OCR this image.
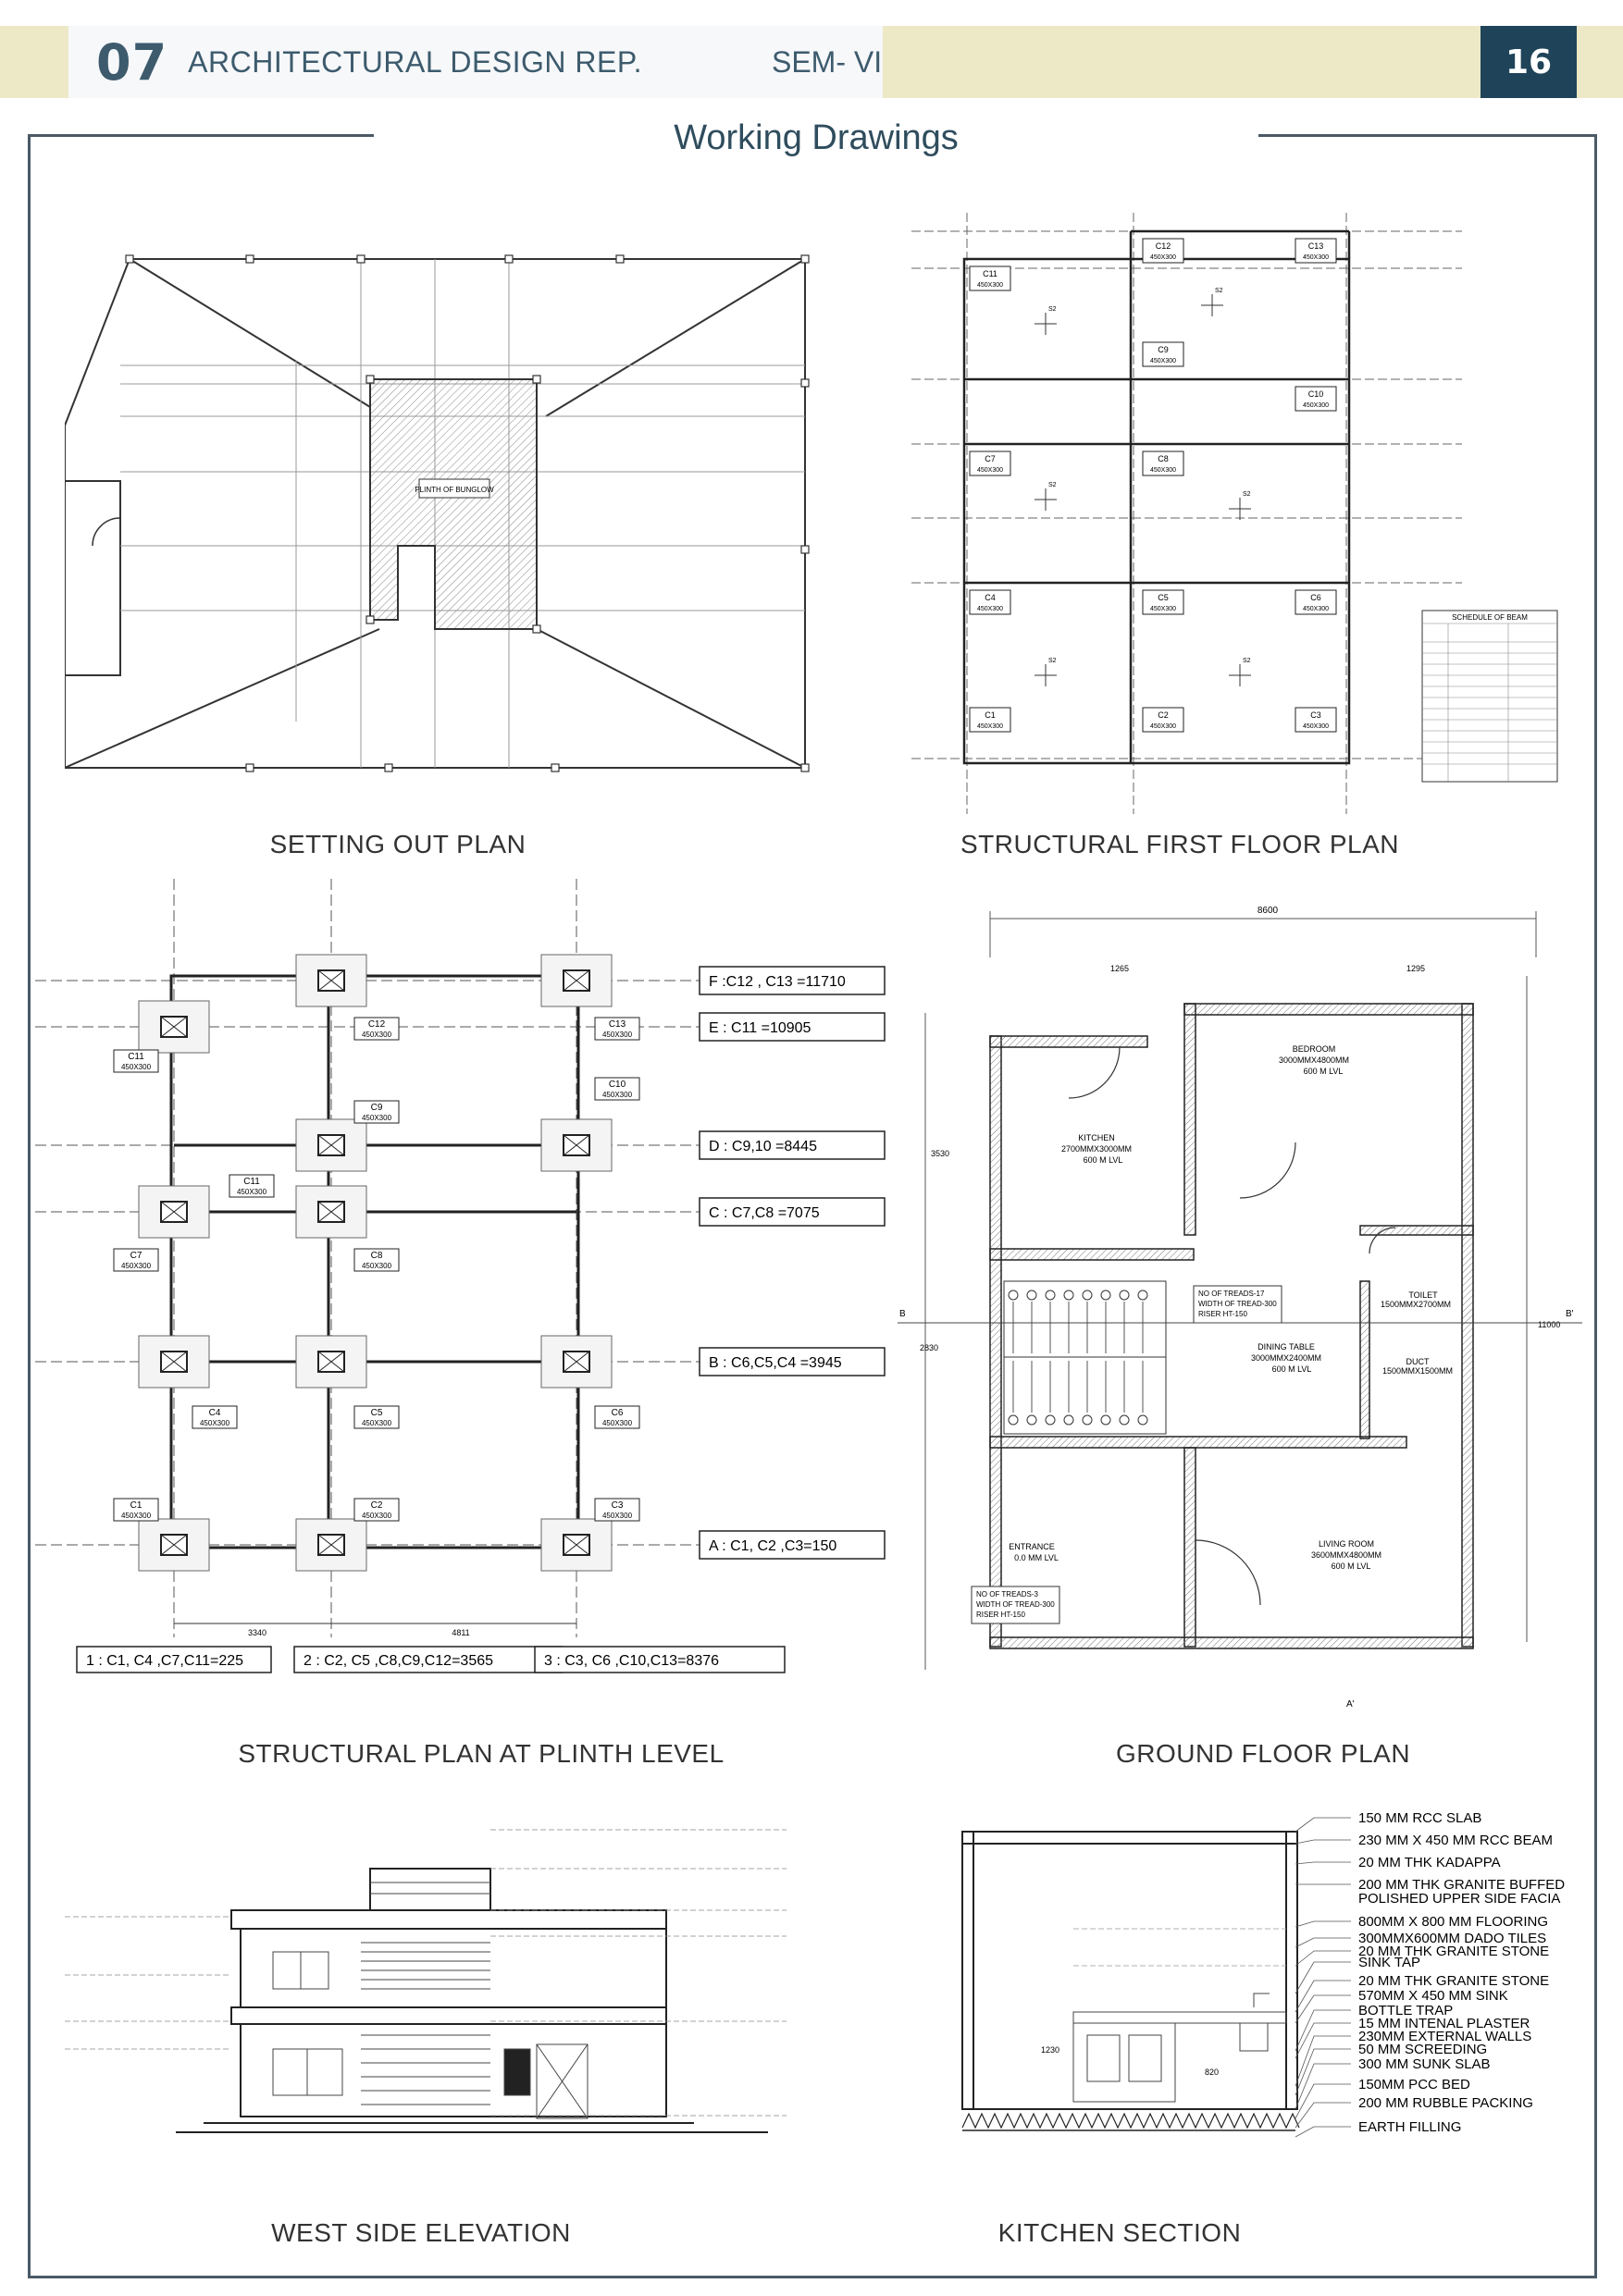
07 ARCHITECTURAL DESIGN REP.	SEM- VI	16
Working Drawings
PLINTH OF BUNGLOW
SETTING OUT PLAN
C11
450X300
C12
450X300
C13
450X300
C9
450X300
C10
450X300
C7
450X300
C8
450X300
C4
450X300
C5
450X300
C6
450X300
C1
450X300
C2
450X300
C3
450X300
S2
S2
S2
S2
S2	S2
SCHEDULE OF BEAM
STRUCTURAL FIRST FLOOR PLAN
C12
450X300
C13
450X300
C11
450X300
C10
450X300
C9
450X300
C11
450X300
C7
450X300
C8
450X300
C4
450X300
C5
450X300
C6
450X300
C1
450X300
C2
450X300
C3
450X300
F :C12 , C13 =11710
E : C11 =10905
D : C9,10 =8445
C : C7,C8 =7075
B : C6,C5,C4 =3945
A : C1, C2 ,C3=150
1 : C1, C4 ,C7,C11=225	2 : C2, C5 ,C8,C9,C12=3565	3 : C3, C6 ,C10,C13=8376
3340	4811
STRUCTURAL PLAN AT PLINTH LEVEL
8600
1265	1295
3530
2830
11000
BEDROOM
3000MMX4800MM
600 M LVL
KITCHEN
2700MMX3000MM
600 M LVL
TOILET
1500MMX2700MM
DINING TABLE
3000MMX2400MM
600 M LVL
DUCT
1500MMX1500MM
LIVING ROOM
3600MMX4800MM
600 M LVL
ENTRANCE
0.0 MM LVL
NO OF TREADS-17
WIDTH OF TREAD-300
RISER HT-150
NO OF TREADS-3
WIDTH OF TREAD-300
RISER HT-150
B	B'
A'
GROUND FLOOR PLAN
WEST SIDE ELEVATION
1230
820
150 MM RCC SLAB
230 MM X 450 MM RCC BEAM
20 MM THK KADAPPA
200 MM THK GRANITE BUFFED
POLISHED UPPER SIDE FACIA
800MM X 800 MM FLOORING
300MMX600MM DADO TILES
20 MM THK GRANITE STONE
SINK TAP
20 MM THK GRANITE STONE
570MM X 450 MM SINK
BOTTLE TRAP
15 MM INTENAL PLASTER
230MM EXTERNAL WALLS
50 MM SCREEDING
300 MM SUNK SLAB
150MM PCC BED
200 MM RUBBLE PACKING
EARTH FILLING
KITCHEN SECTION
